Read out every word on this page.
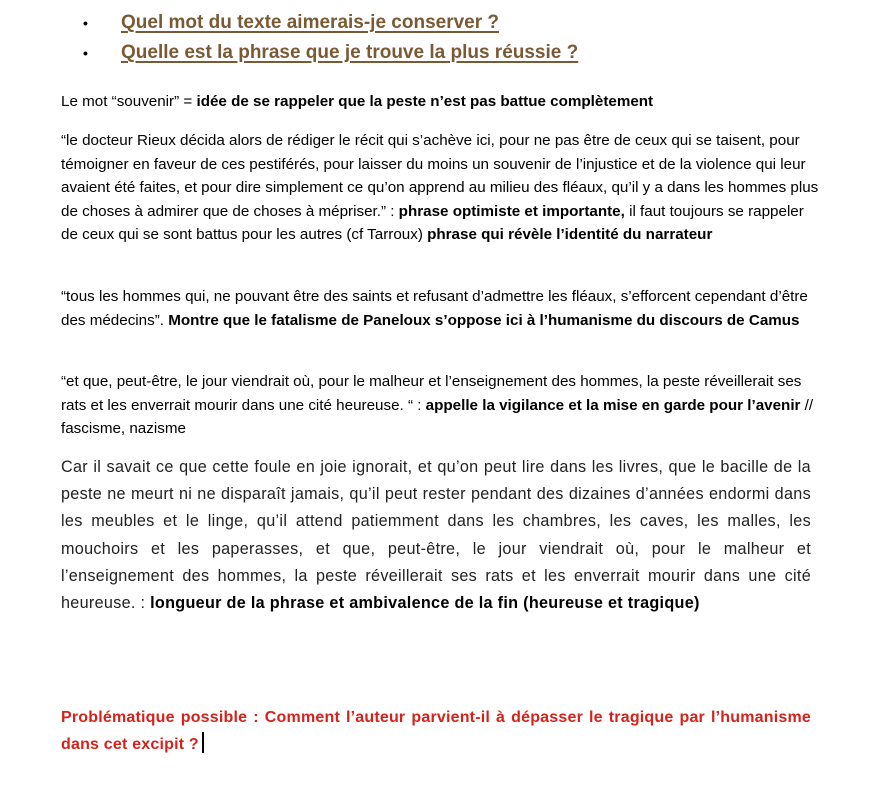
• Quel mot du texte aimerais-je conserver ?
• Quelle est la phrase que je trouve la plus réussie ?

Le mot “souvenir” = idée de se rappeler que la peste n’est pas battue complètement

“le docteur Rieux décida alors de rédiger le récit qui s’achève ici, pour ne pas être de ceux qui se taisent, pour témoigner en faveur de ces pestiférés, pour laisser du moins un souvenir de l’injustice et de la violence qui leur avaient été faites, et pour dire simplement ce qu’on apprend au milieu des fléaux, qu’il y a dans les hommes plus de choses à admirer que de choses à mépriser.” : phrase optimiste et importante, il faut toujours se rappeler de ceux qui se sont battus pour les autres (cf Tarroux) phrase qui révèle l’identité du narrateur

“tous les hommes qui, ne pouvant être des saints et refusant d’admettre les fléaux, s’efforcent cependant d’être des médecins”. Montre que le fatalisme de Paneloux s’oppose ici à l’humanisme du discours de Camus

“et que, peut-être, le jour viendrait où, pour le malheur et l’enseignement des hommes, la peste réveillerait ses rats et les enverrait mourir dans une cité heureuse. “ : appelle la vigilance et la mise en garde pour l’avenir // fascisme, nazisme

Car il savait ce que cette foule en joie ignorait, et qu’on peut lire dans les livres, que le bacille de la peste ne meurt ni ne disparaît jamais, qu’il peut rester pendant des dizaines d’années endormi dans les meubles et le linge, qu’il attend patiemment dans les chambres, les caves, les malles, les mouchoirs et les paperasses, et que, peut-être, le jour viendrait où, pour le malheur et l’enseignement des hommes, la peste réveillerait ses rats et les enverrait mourir dans une cité heureuse. : longueur de la phrase et ambivalence de la fin (heureuse et tragique)

Problématique possible : Comment l’auteur parvient-il à dépasser le tragique par l’humanisme dans cet excipit ?
